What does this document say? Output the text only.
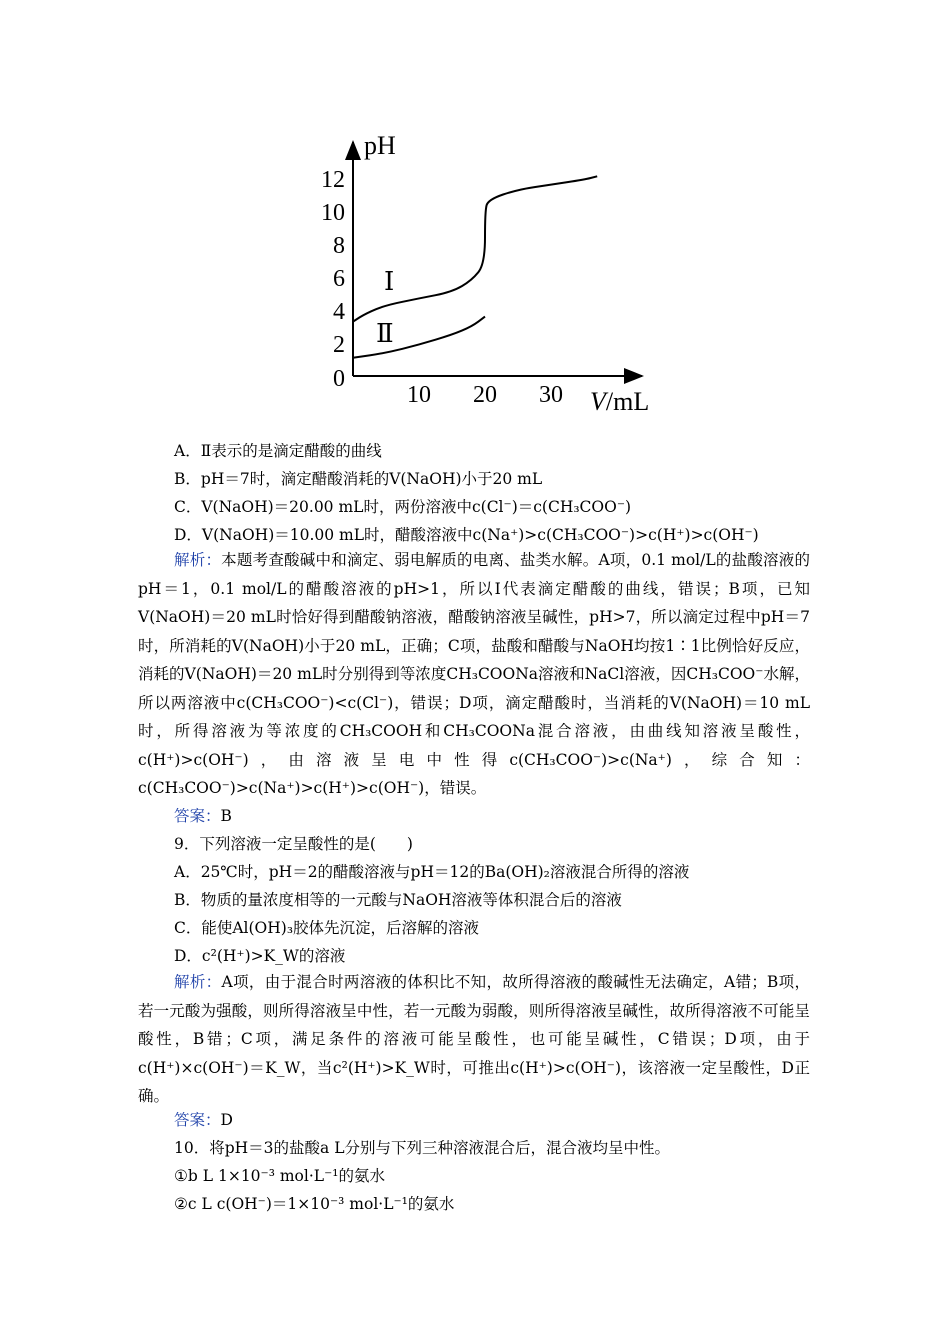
pH
V/mL
12
10
8
6
4
2
0
10 20 30
Ⅰ
Ⅱ
A．Ⅱ表示的是滴定醋酸的曲线
B．pH＝7时，滴定醋酸消耗的V(NaOH)小于20 mL
C．V(NaOH)＝20.00 mL时，两份溶液中c(Cl⁻)＝c(CH₃COO⁻)
D．V(NaOH)＝10.00 mL时，醋酸溶液中c(Na⁺)>c(CH₃COO⁻)>c(H⁺)>c(OH⁻)
解析：本题考查酸碱中和滴定、弱电解质的电离、盐类水解。A项，0.1 mol/L的盐酸溶液的pH＝1，0.1 mol/L的醋酸溶液的pH>1，所以Ⅰ代表滴定醋酸的曲线，错误；B项，已知V(NaOH)＝20 mL时恰好得到醋酸钠溶液，醋酸钠溶液呈碱性，pH>7，所以滴定过程中pH＝7时，所消耗的V(NaOH)小于20 mL，正确；C项，盐酸和醋酸与NaOH均按1∶1比例恰好反应，消耗的V(NaOH)＝20 mL时分别得到等浓度CH₃COONa溶液和NaCl溶液，因CH₃COO⁻水解，所以两溶液中c(CH₃COO⁻)<c(Cl⁻)，错误；D项，滴定醋酸时，当消耗的V(NaOH)＝10 mL时，所得溶液为等浓度的CH₃COOH和CH₃COONa混合溶液，由曲线知溶液呈酸性，c(H⁺)>c(OH⁻)，由溶液呈电中性得c(CH₃COO⁻)>c(Na⁺)，综合知：c(CH₃COO⁻)>c(Na⁺)>c(H⁺)>c(OH⁻)，错误。
答案：B
9．下列溶液一定呈酸性的是(　　)
A．25℃时，pH＝2的醋酸溶液与pH＝12的Ba(OH)₂溶液混合所得的溶液
B．物质的量浓度相等的一元酸与NaOH溶液等体积混合后的溶液
C．能使Al(OH)₃胶体先沉淀，后溶解的溶液
D．c²(H⁺)>K_W的溶液
解析：A项，由于混合时两溶液的体积比不知，故所得溶液的酸碱性无法确定，A错；B项，若一元酸为强酸，则所得溶液呈中性，若一元酸为弱酸，则所得溶液呈碱性，故所得溶液不可能呈酸性，B错；C项，满足条件的溶液可能呈酸性，也可能呈碱性，C错误；D项，由于c(H⁺)×c(OH⁻)＝K_W，当c²(H⁺)>K_W时，可推出c(H⁺)>c(OH⁻)，该溶液一定呈酸性，D正确。
答案：D
10．将pH＝3的盐酸a L分别与下列三种溶液混合后，混合液均呈中性。
①b L 1×10⁻³ mol·L⁻¹的氨水
②c L c(OH⁻)＝1×10⁻³ mol·L⁻¹的氨水
